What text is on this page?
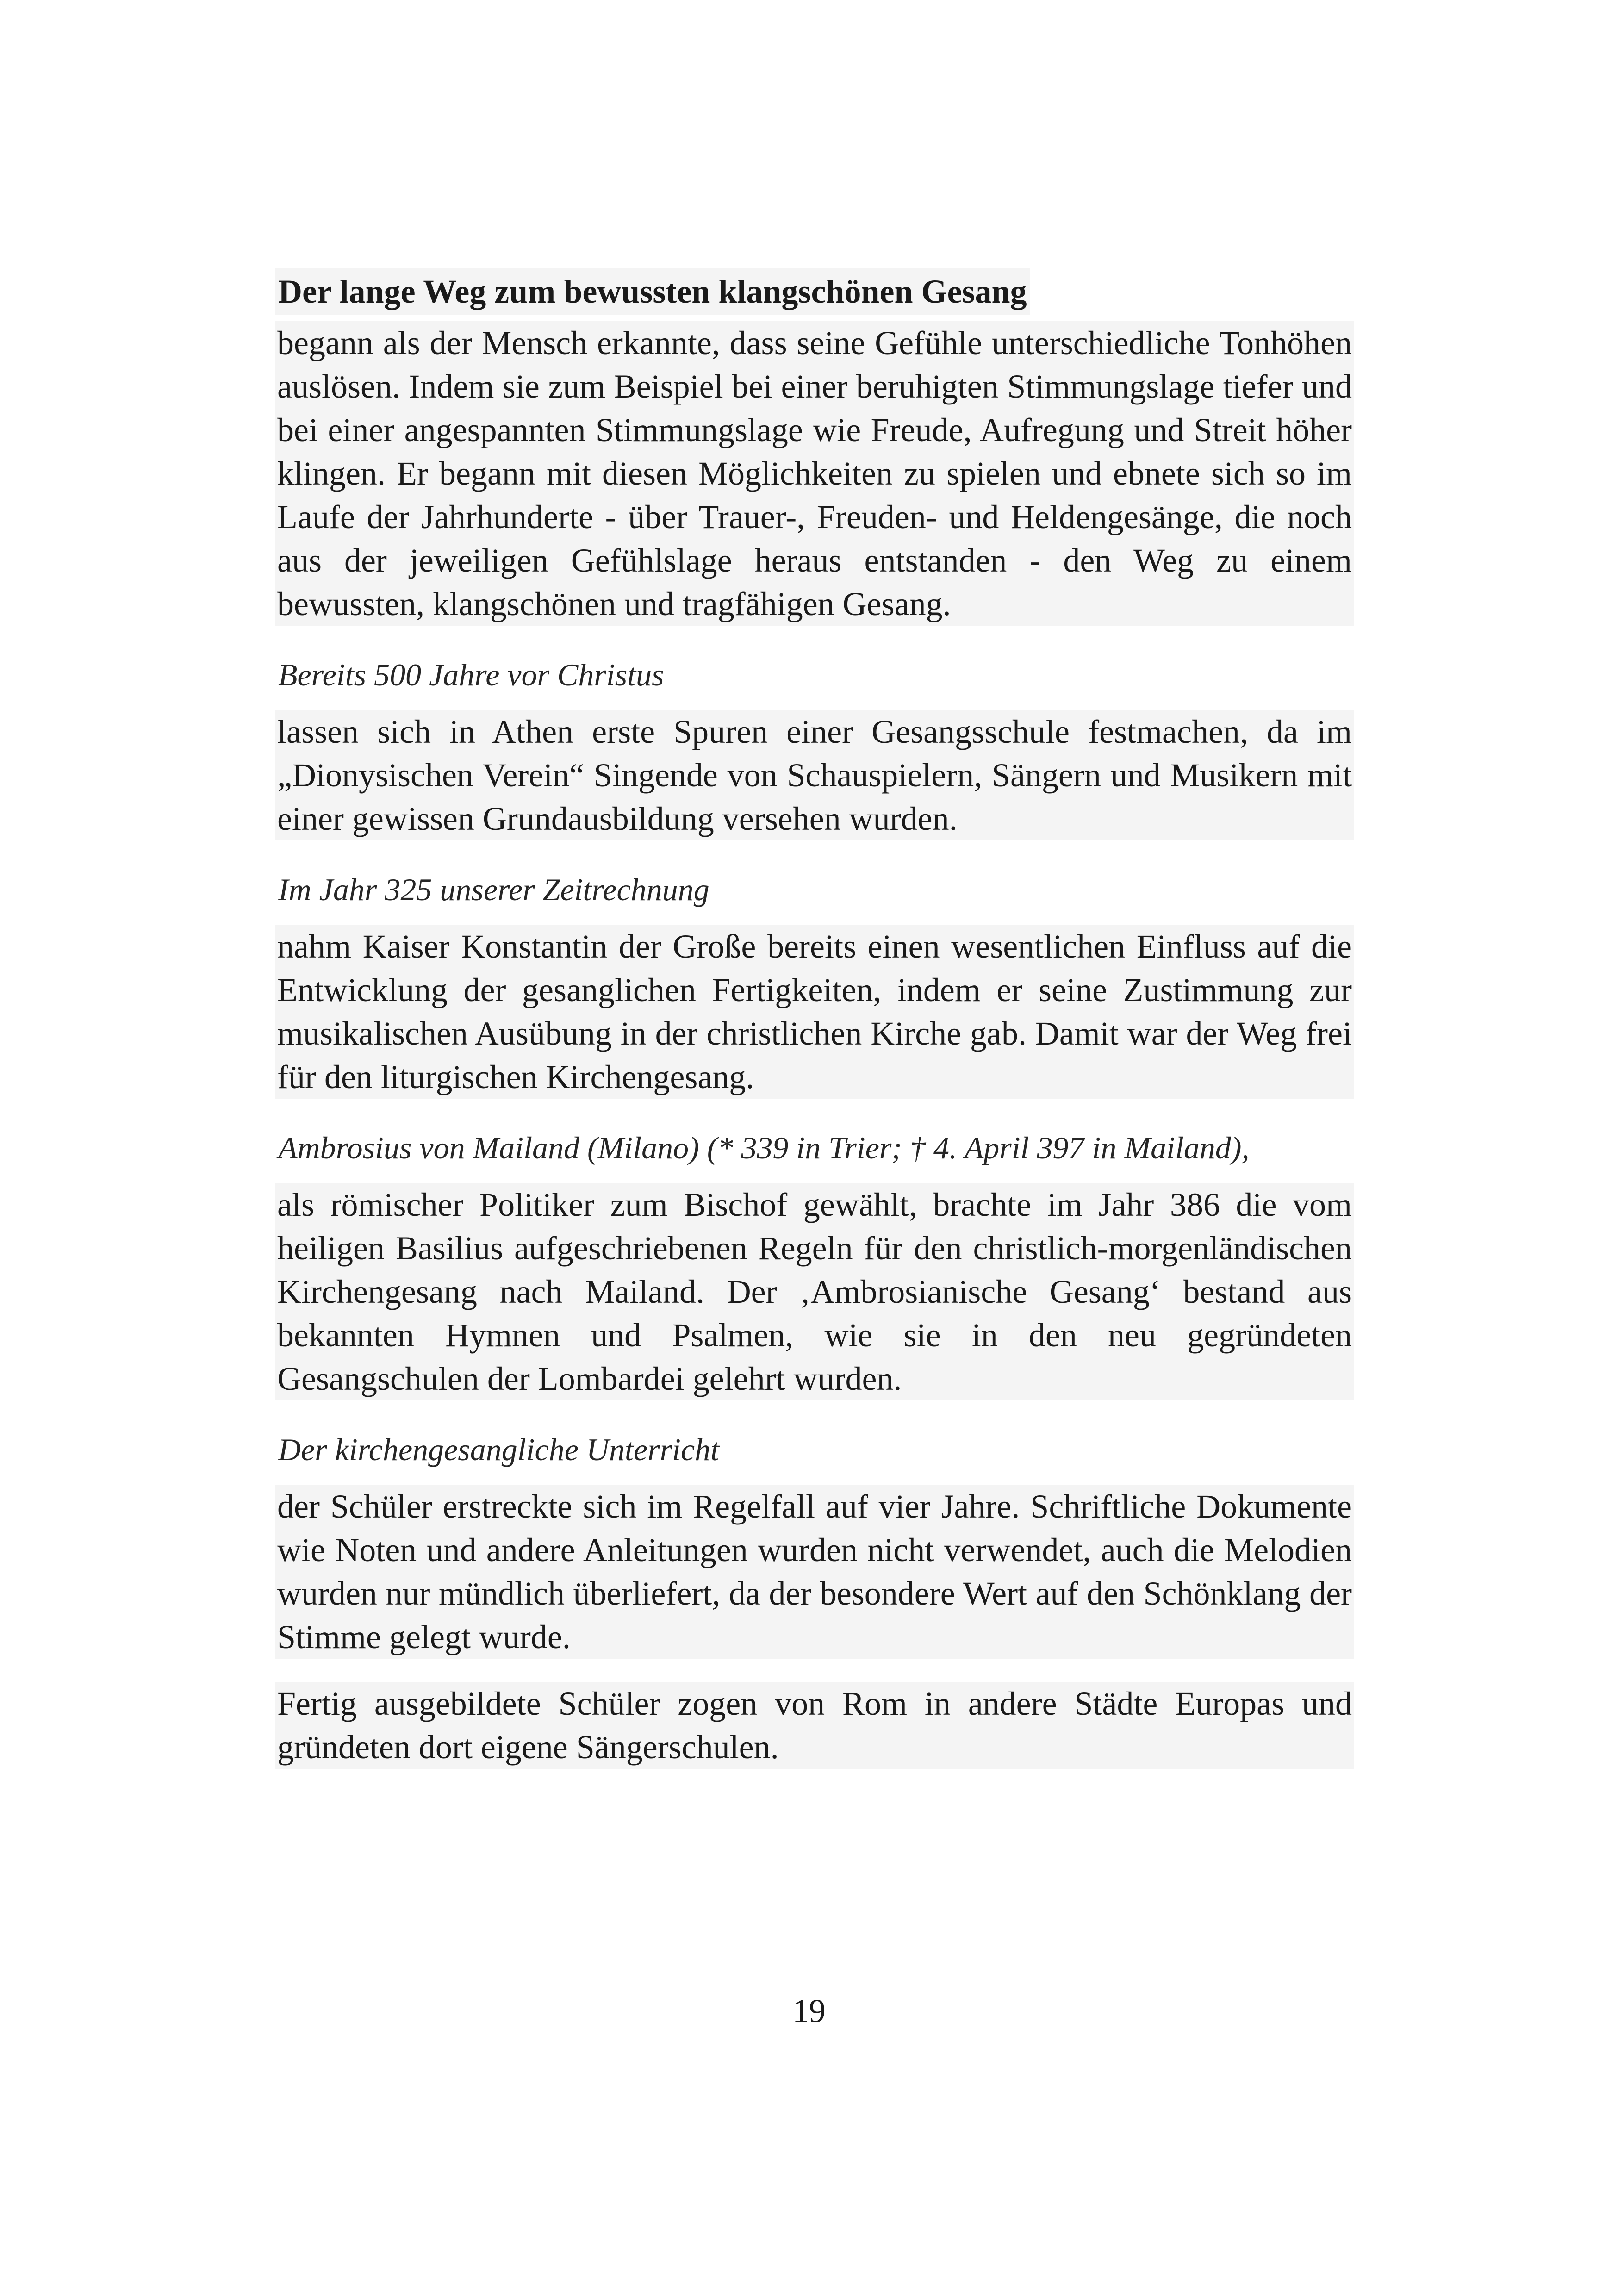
Der lange Weg zum bewussten klangschönen Gesang

begann als der Mensch erkannte, dass seine Gefühle unterschiedliche Tonhöhen auslösen. Indem sie zum Beispiel bei einer beruhigten Stimmungslage tiefer und bei einer angespannten Stimmungslage wie Freude, Aufregung und Streit höher klingen. Er begann mit diesen Möglichkeiten zu spielen und ebnete sich so im Laufe der Jahrhunderte - über Trauer-, Freuden- und Heldengesänge, die noch aus der jeweiligen Gefühlslage heraus entstanden - den Weg zu einem bewussten, klangschönen und tragfähigen Gesang.

Bereits 500 Jahre vor Christus

lassen sich in Athen erste Spuren einer Gesangsschule festmachen, da im „Dionysischen Verein“ Singende von Schauspielern, Sängern und Musikern mit einer gewissen Grundausbildung versehen wurden.

Im Jahr 325 unserer Zeitrechnung

nahm Kaiser Konstantin der Große bereits einen wesentlichen Einfluss auf die Entwicklung der gesanglichen Fertigkeiten, indem er seine Zustimmung zur musikalischen Ausübung in der christlichen Kirche gab. Damit war der Weg frei für den liturgischen Kirchengesang.

Ambrosius von Mailand (Milano) (* 339 in Trier; † 4. April 397 in Mailand),

als römischer Politiker zum Bischof gewählt, brachte im Jahr 386 die vom heiligen Basilius aufgeschriebenen Regeln für den christlich-morgenländischen Kirchengesang nach Mailand. Der ‚Ambrosianische Gesang‘ bestand aus bekannten Hymnen und Psalmen, wie sie in den neu gegründeten Gesangschulen der Lombardei gelehrt wurden.

Der kirchengesangliche Unterricht

der Schüler erstreckte sich im Regelfall auf vier Jahre. Schriftliche Dokumente wie Noten und andere Anleitungen wurden nicht verwendet, auch die Melodien wurden nur mündlich überliefert, da der besondere Wert auf den Schönklang der Stimme gelegt wurde.

Fertig ausgebildete Schüler zogen von Rom in andere Städte Europas und gründeten dort eigene Sängerschulen.

19
